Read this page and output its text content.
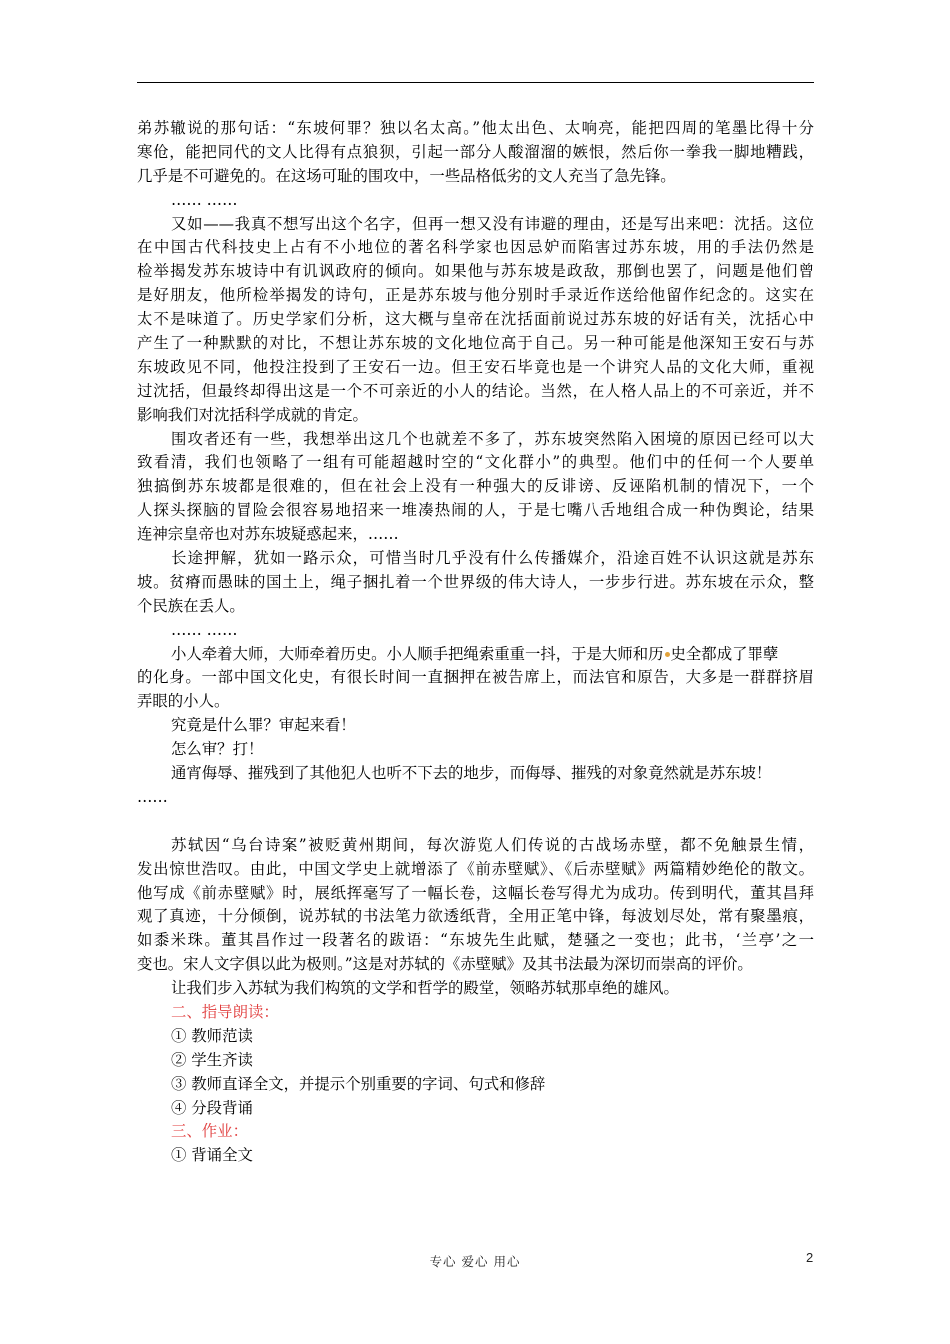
弟苏辙说的那句话：“东坡何罪？独以名太高。”他太出色、太响亮，能把四周的笔墨比得十分
寒伧，能把同代的文人比得有点狼狈，引起一部分人酸溜溜的嫉恨，然后你一拳我一脚地糟践，
几乎是不可避免的。在这场可耻的围攻中，一些品格低劣的文人充当了急先锋。
…… ……
又如——我真不想写出这个名字，但再一想又没有讳避的理由，还是写出来吧：沈括。这位
在中国古代科技史上占有不小地位的著名科学家也因忌妒而陷害过苏东坡，用的手法仍然是
检举揭发苏东坡诗中有讥讽政府的倾向。如果他与苏东坡是政敌，那倒也罢了，问题是他们曾
是好朋友，他所检举揭发的诗句，正是苏东坡与他分别时手录近作送给他留作纪念的。这实在
太不是味道了。历史学家们分析，这大概与皇帝在沈括面前说过苏东坡的好话有关，沈括心中
产生了一种默默的对比，不想让苏东坡的文化地位高于自己。另一种可能是他深知王安石与苏
东坡政见不同，他投注投到了王安石一边。但王安石毕竟也是一个讲究人品的文化大师，重视
过沈括，但最终却得出这是一个不可亲近的小人的结论。当然，在人格人品上的不可亲近，并不
影响我们对沈括科学成就的肯定。
围攻者还有一些，我想举出这几个也就差不多了，苏东坡突然陷入困境的原因已经可以大
致看清，我们也领略了一组有可能超越时空的“文化群小”的典型。他们中的任何一个人要单
独搞倒苏东坡都是很难的，但在社会上没有一种强大的反诽谤、反诬陷机制的情况下，一个
人探头探脑的冒险会很容易地招来一堆凑热闹的人，于是七嘴八舌地组合成一种伪舆论，结果
连神宗皇帝也对苏东坡疑惑起来，……
长途押解，犹如一路示众，可惜当时几乎没有什么传播媒介，沿途百姓不认识这就是苏东
坡。贫瘠而愚昧的国土上，绳子捆扎着一个世界级的伟大诗人，一步步行进。苏东坡在示众，整
个民族在丢人。
…… ……
小人牵着大师，大师牵着历史。小人顺手把绳索重重一抖，于是大师和历 史全都成了罪孽
的化身。一部中国文化史，有很长时间一直捆押在被告席上，而法官和原告，大多是一群群挤眉
弄眼的小人。
究竟是什么罪？审起来看！
怎么审？打！
通宵侮辱、摧残到了其他犯人也听不下去的地步，而侮辱、摧残的对象竟然就是苏东坡！
……
苏轼因“乌台诗案”被贬黄州期间，每次游览人们传说的古战场赤壁，都不免触景生情，
发出惊世浩叹。由此，中国文学史上就增添了《前赤壁赋》、《后赤壁赋》两篇精妙绝伦的散文。
他写成《前赤壁赋》时，展纸挥毫写了一幅长卷，这幅长卷写得尤为成功。传到明代，董其昌拜
观了真迹，十分倾倒，说苏轼的书法笔力欲透纸背，全用正笔中锋，每波划尽处，常有聚墨痕，
如黍米珠。董其昌作过一段著名的跋语：“东坡先生此赋，楚骚之一变也；此书，‘兰亭’之一
变也。宋人文字俱以此为极则。”这是对苏轼的《赤壁赋》及其书法最为深切而崇高的评价。
让我们步入苏轼为我们构筑的文学和哲学的殿堂，领略苏轼那卓绝的雄风。
二、指导朗读：
① 教师范读
② 学生齐读
③ 教师直译全文，并提示个别重要的字词、句式和修辞
④ 分段背诵
三、作业：
① 背诵全文
专心 爱心 用心	2
